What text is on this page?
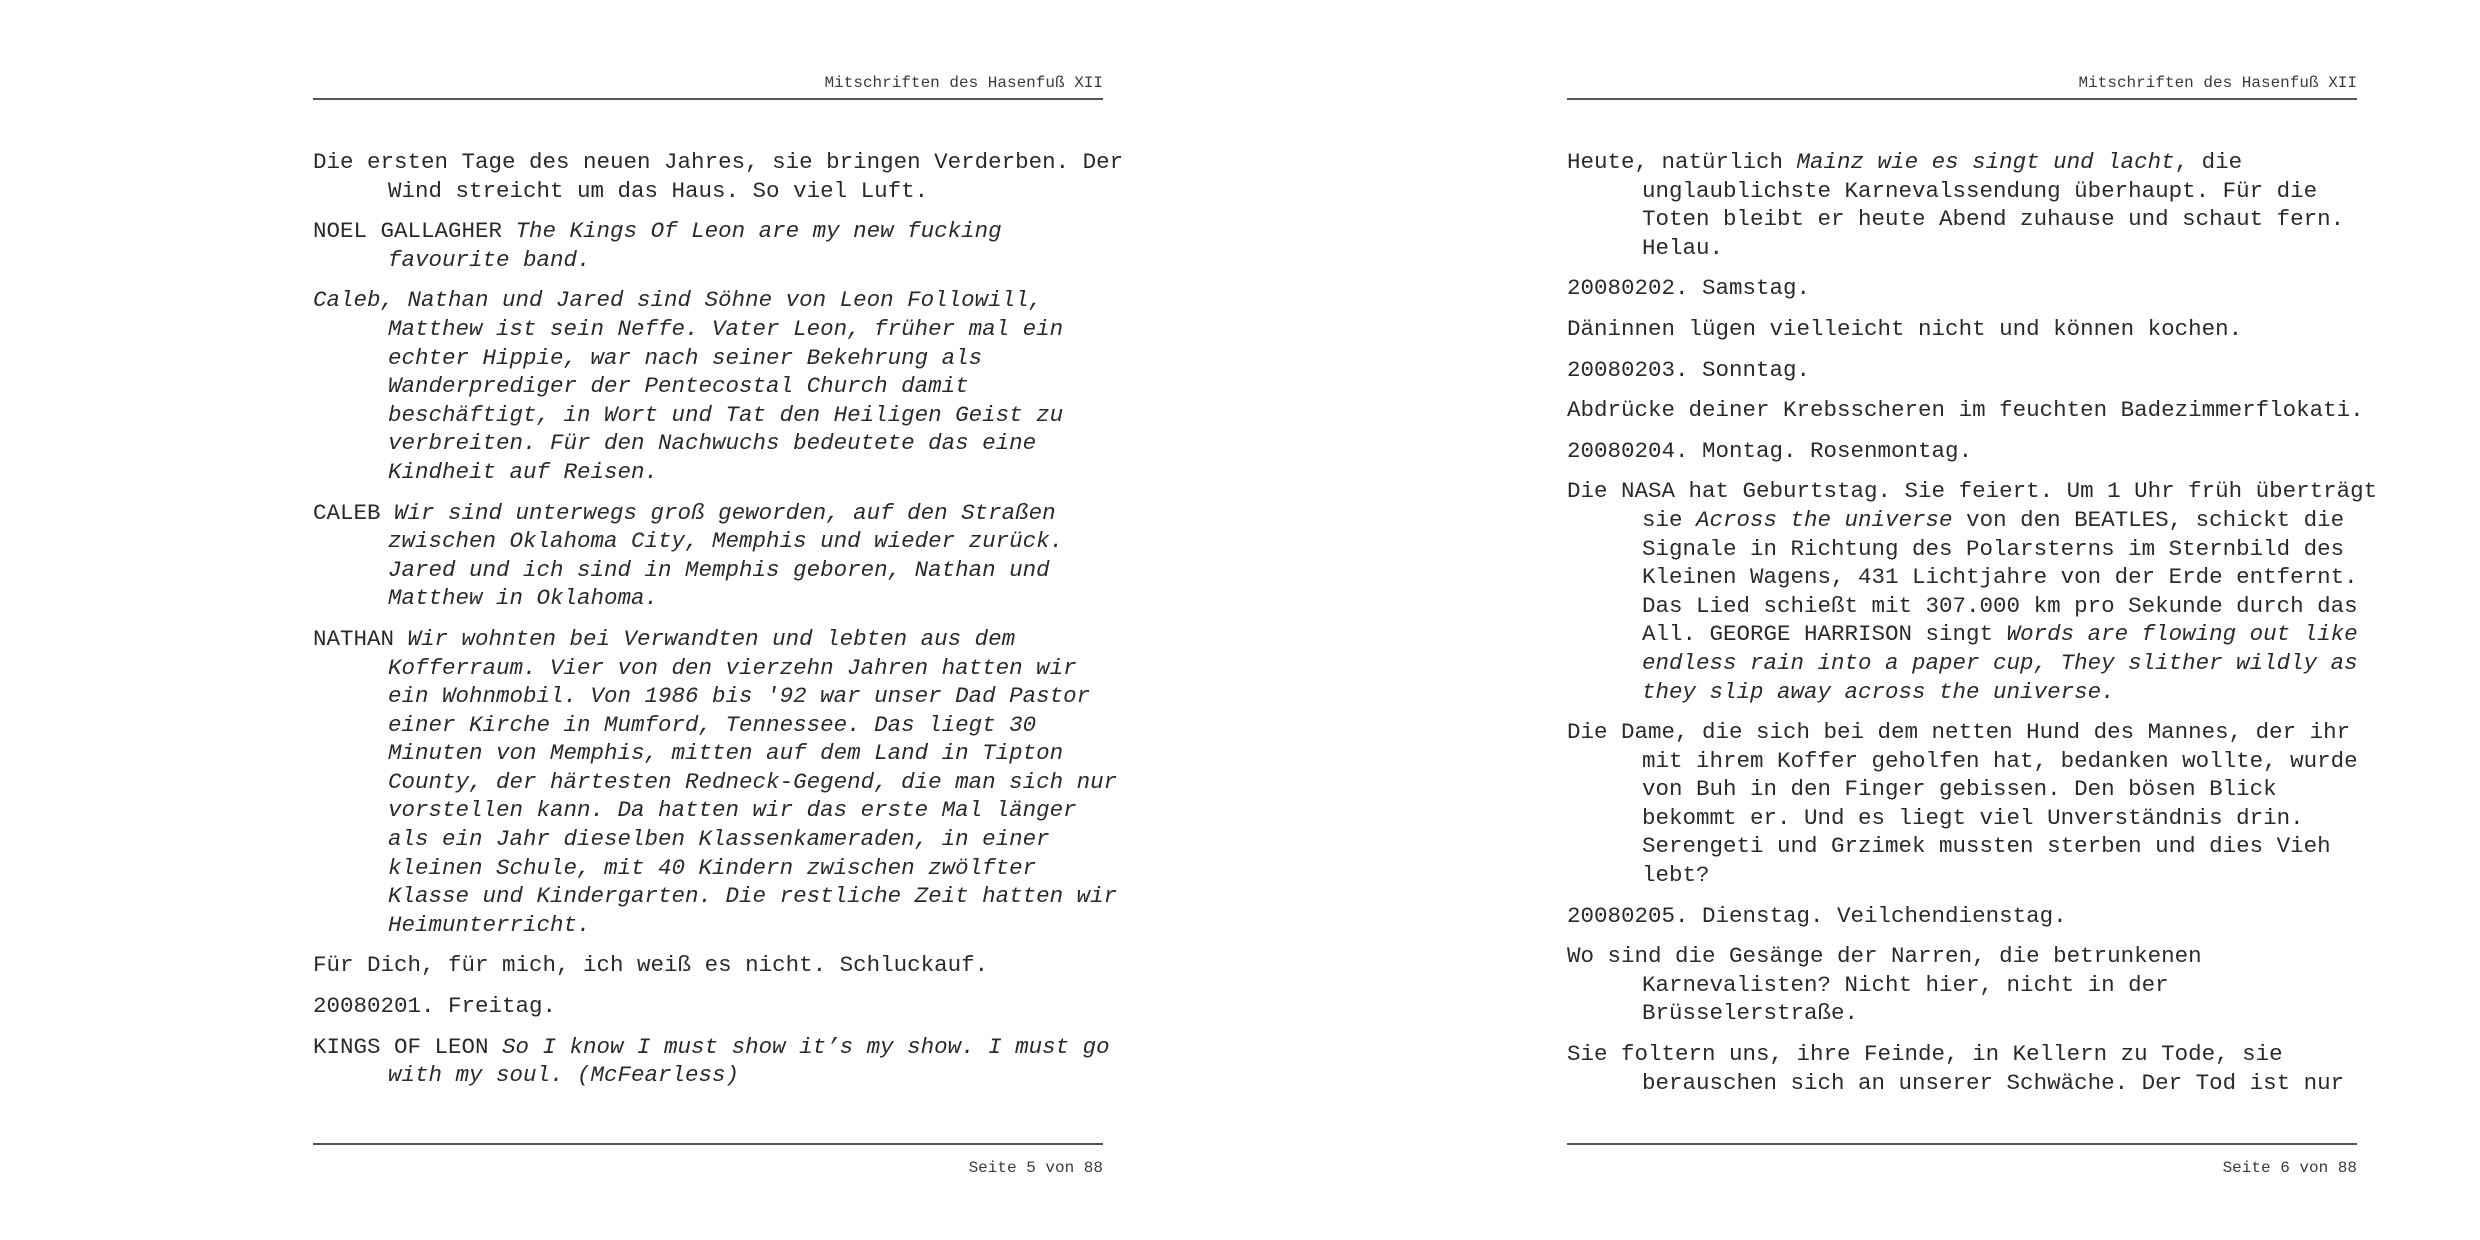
Mitschriften des Hasenfuß XII

Die ersten Tage des neuen Jahres, sie bringen Verderben. Der
Wind streicht um das Haus. So viel Luft.

NOEL GALLAGHER The Kings Of Leon are my new fucking
favourite band.

Caleb, Nathan und Jared sind Söhne von Leon Followill,
Matthew ist sein Neffe. Vater Leon, früher mal ein
echter Hippie, war nach seiner Bekehrung als
Wanderprediger der Pentecostal Church damit
beschäftigt, in Wort und Tat den Heiligen Geist zu
verbreiten. Für den Nachwuchs bedeutete das eine
Kindheit auf Reisen.

CALEB Wir sind unterwegs groß geworden, auf den Straßen
zwischen Oklahoma City, Memphis und wieder zurück.
Jared und ich sind in Memphis geboren, Nathan und
Matthew in Oklahoma.

NATHAN Wir wohnten bei Verwandten und lebten aus dem
Kofferraum. Vier von den vierzehn Jahren hatten wir
ein Wohnmobil. Von 1986 bis '92 war unser Dad Pastor
einer Kirche in Mumford, Tennessee. Das liegt 30
Minuten von Memphis, mitten auf dem Land in Tipton
County, der härtesten Redneck-Gegend, die man sich nur
vorstellen kann. Da hatten wir das erste Mal länger
als ein Jahr dieselben Klassenkameraden, in einer
kleinen Schule, mit 40 Kindern zwischen zwölfter
Klasse und Kindergarten. Die restliche Zeit hatten wir
Heimunterricht.

Für Dich, für mich, ich weiß es nicht. Schluckauf.

20080201. Freitag.

KINGS OF LEON So I know I must show it’s my show. I must go
with my soul. (McFearless)

Seite 5 von 88
Mitschriften des Hasenfuß XII

Heute, natürlich Mainz wie es singt und lacht, die
unglaublichste Karnevalssendung überhaupt. Für die
Toten bleibt er heute Abend zuhause und schaut fern.
Helau.

20080202. Samstag.

Däninnen lügen vielleicht nicht und können kochen.

20080203. Sonntag.

Abdrücke deiner Krebsscheren im feuchten Badezimmerflokati.

20080204. Montag. Rosenmontag.

Die NASA hat Geburtstag. Sie feiert. Um 1 Uhr früh überträgt
sie Across the universe von den BEATLES, schickt die
Signale in Richtung des Polarsterns im Sternbild des
Kleinen Wagens, 431 Lichtjahre von der Erde entfernt.
Das Lied schießt mit 307.000 km pro Sekunde durch das
All. GEORGE HARRISON singt Words are flowing out like
endless rain into a paper cup, They slither wildly as
they slip away across the universe.

Die Dame, die sich bei dem netten Hund des Mannes, der ihr
mit ihrem Koffer geholfen hat, bedanken wollte, wurde
von Buh in den Finger gebissen. Den bösen Blick
bekommt er. Und es liegt viel Unverständnis drin.
Serengeti und Grzimek mussten sterben und dies Vieh
lebt?

20080205. Dienstag. Veilchendienstag.

Wo sind die Gesänge der Narren, die betrunkenen
Karnevalisten? Nicht hier, nicht in der
Brüsselerstraße.

Sie foltern uns, ihre Feinde, in Kellern zu Tode, sie
berauschen sich an unserer Schwäche. Der Tod ist nur

Seite 6 von 88
